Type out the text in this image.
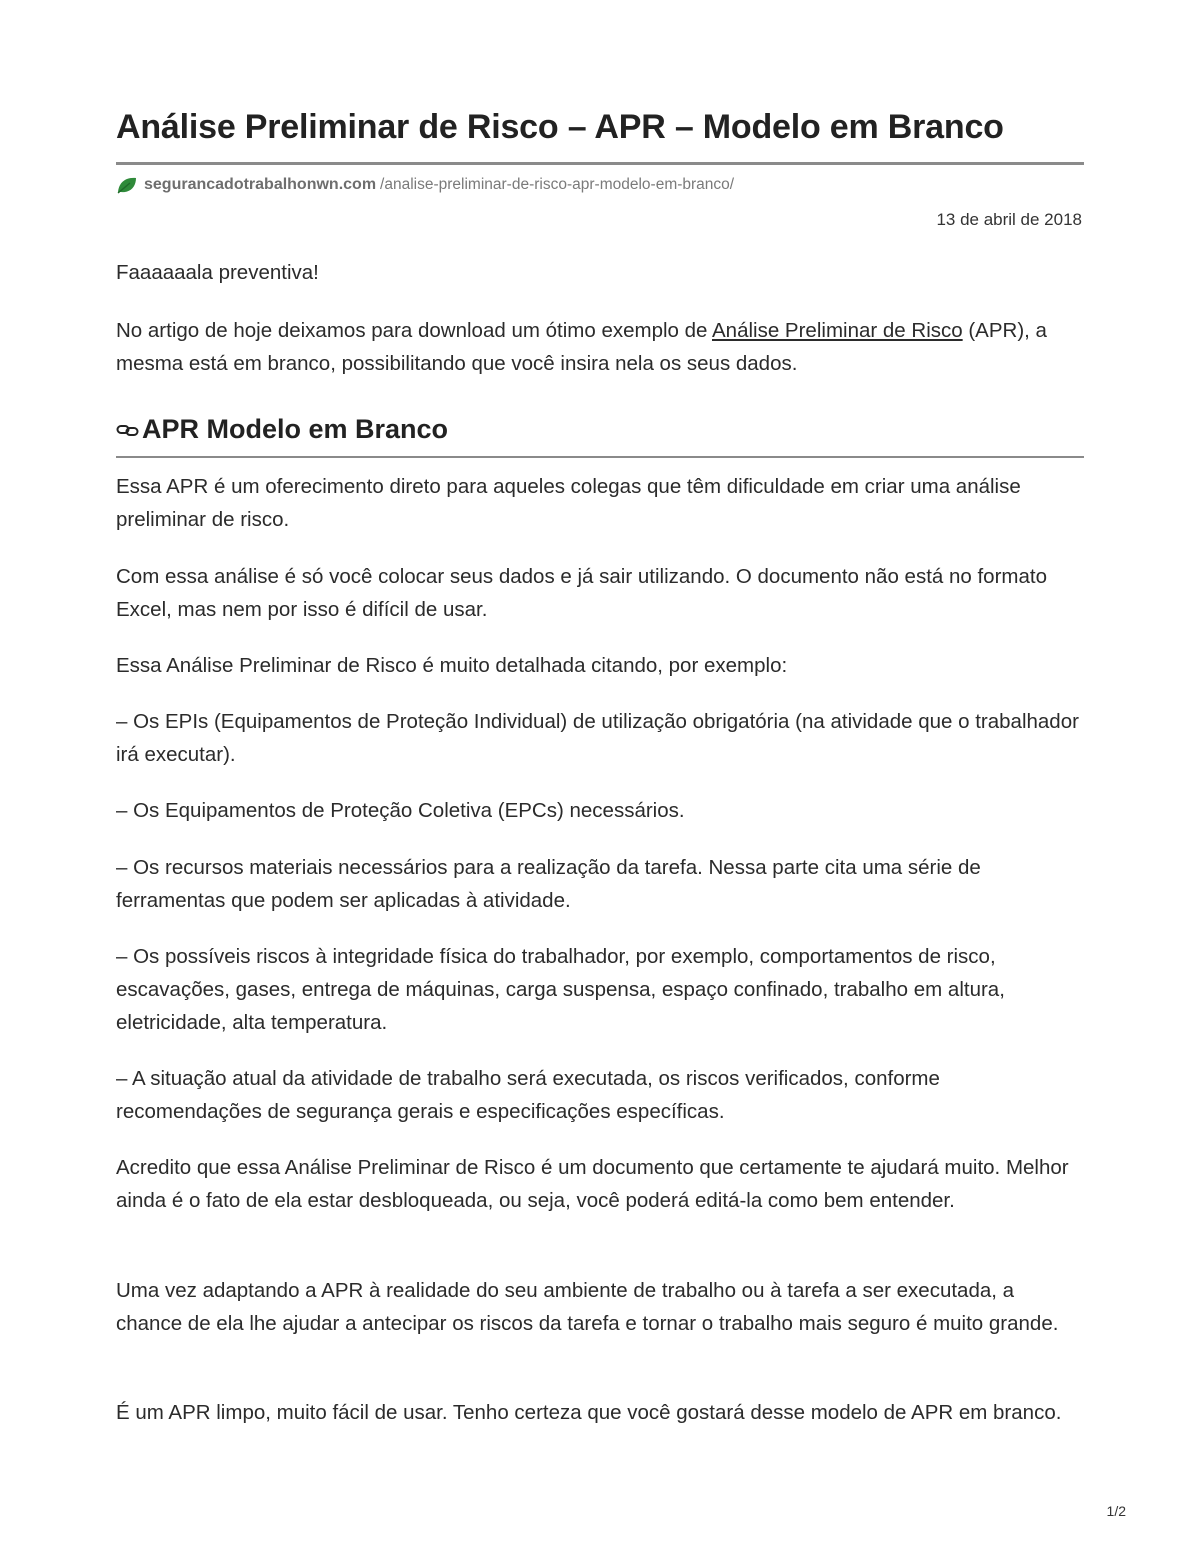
Análise Preliminar de Risco – APR – Modelo em Branco
segurancadotrabalhonwn.com /analise-preliminar-de-risco-apr-modelo-em-branco/
13 de abril de 2018

Faaaaaala preventiva!

No artigo de hoje deixamos para download um ótimo exemplo de Análise Preliminar de Risco (APR), a mesma está em branco, possibilitando que você insira nela os seus dados.

APR Modelo em Branco

Essa APR é um oferecimento direto para aqueles colegas que têm dificuldade em criar uma análise preliminar de risco.

Com essa análise é só você colocar seus dados e já sair utilizando. O documento não está no formato Excel, mas nem por isso é difícil de usar.

Essa Análise Preliminar de Risco é muito detalhada citando, por exemplo:

– Os EPIs (Equipamentos de Proteção Individual) de utilização obrigatória (na atividade que o trabalhador irá executar).

– Os Equipamentos de Proteção Coletiva (EPCs) necessários.

– Os recursos materiais necessários para a realização da tarefa. Nessa parte cita uma série de ferramentas que podem ser aplicadas à atividade.

– Os possíveis riscos à integridade física do trabalhador, por exemplo, comportamentos de risco, escavações, gases, entrega de máquinas, carga suspensa, espaço confinado, trabalho em altura, eletricidade, alta temperatura.

– A situação atual da atividade de trabalho será executada, os riscos verificados, conforme recomendações de segurança gerais e especificações específicas.

Acredito que essa Análise Preliminar de Risco é um documento que certamente te ajudará muito. Melhor ainda é o fato de ela estar desbloqueada, ou seja, você poderá editá-la como bem entender.

Uma vez adaptando a APR à realidade do seu ambiente de trabalho ou à tarefa a ser executada, a chance de ela lhe ajudar a antecipar os riscos da tarefa e tornar o trabalho mais seguro é muito grande.

É um APR limpo, muito fácil de usar. Tenho certeza que você gostará desse modelo de APR em branco.

1/2
